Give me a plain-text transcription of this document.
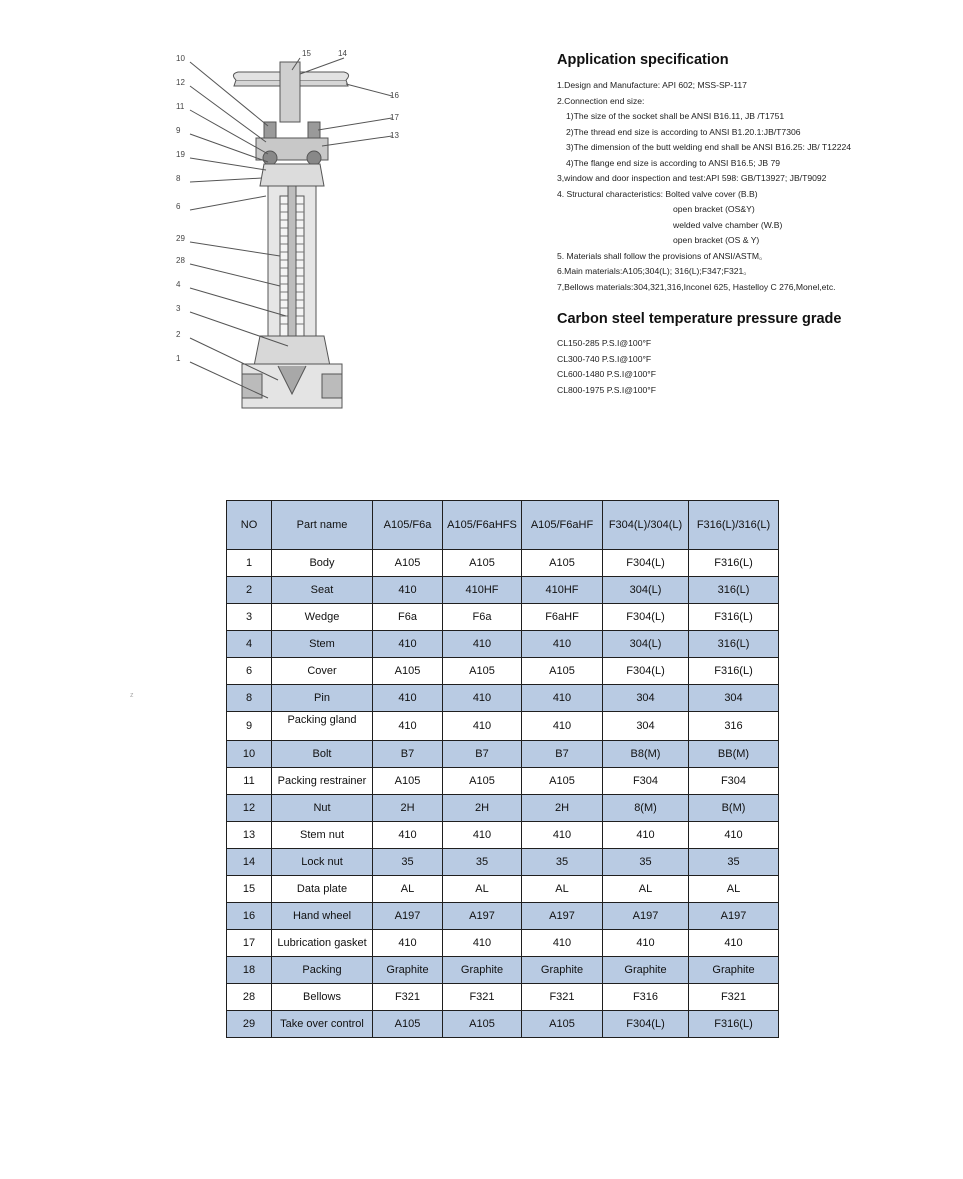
10
12
11
9
19
8
6
29
28
4
3
2
1
15	14
16
17
13
Application specification
1.Design and Manufacture: API 602; MSS-SP-117
2.Connection end size:
1)The size of the socket shall be ANSI B16.11, JB /T1751
2)The thread end size is according to ANSI B1.20.1:JB/T7306
3)The dimension of the butt welding end shall be ANSI B16.25: JB/ T12224
4)The flange end size is according to ANSI B16.5; JB 79
3,window and door inspection and test:API 598: GB/T13927; JB/T9092
4. Structural characteristics: Bolted valve cover (B.B)
open bracket (OS&Y)
welded valve chamber (W.B)
open bracket (OS & Y)
5. Materials shall follow the provisions of ANSI/ASTM。
6.Main materials:A105;304(L); 316(L);F347;F321。
7,Bellows materials:304,321,316,Inconel 625, Hastelloy C 276,Monel,etc.
Carbon steel temperature pressure grade
CL150-285 P.S.I@100°F
CL300-740 P.S.I@100°F
CL600-1480 P.S.I@100°F
CL800-1975 P.S.I@100°F
z
NO	Part name	A105/F6a	A105/F6aHFS	A105/F6aHF	F304(L)/304(L)	F316(L)/316(L)
1	Body	A105	A105	A105	F304(L)	F316(L)
2	Seat	410	410HF	410HF	304(L)	316(L)
3	Wedge	F6a	F6a	F6aHF	F304(L)	F316(L)
4	Stem	410	410	410	304(L)	316(L)
6	Cover	A105	A105	A105	F304(L)	F316(L)
8	Pin	410	410	410	304	304
9	Packing gland	410	410	410	304	316
10	Bolt	B7	B7	B7	B8(M)	BB(M)
11	Packing restrainer	A105	A105	A105	F304	F304
12	Nut	2H	2H	2H	8(M)	B(M)
13	Stem nut	410	410	410	410	410
14	Lock nut	35	35	35	35	35
15	Data plate	AL	AL	AL	AL	AL
16	Hand wheel	A197	A197	A197	A197	A197
17	Lubrication gasket	410	410	410	410	410
18	Packing	Graphite	Graphite	Graphite	Graphite	Graphite
28	Bellows	F321	F321	F321	F316	F321
29	Take over control	A105	A105	A105	F304(L)	F316(L)
